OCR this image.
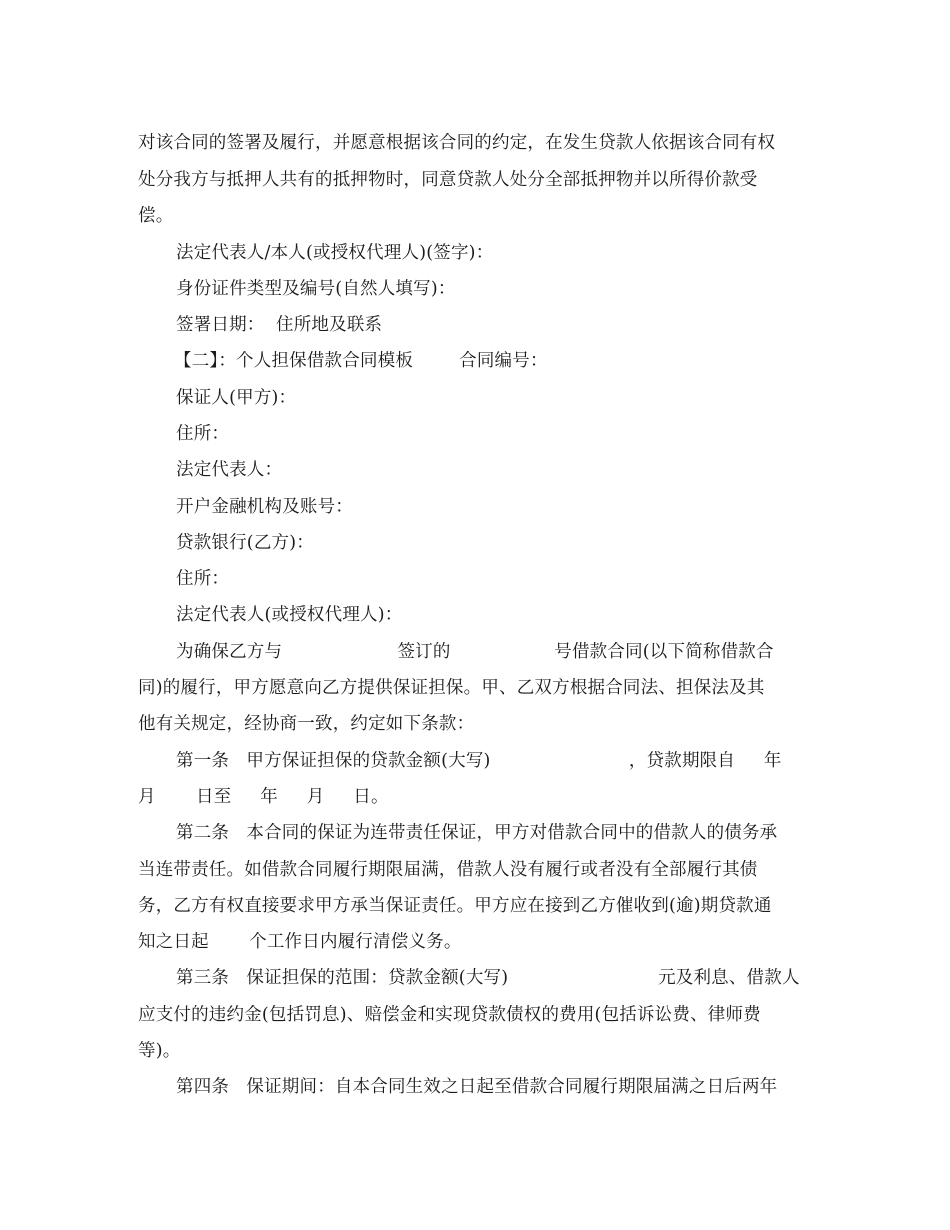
对该合同的签署及履行，并愿意根据该合同的约定，在发生贷款人依据该合同有权
处分我方与抵押人共有的抵押物时，同意贷款人处分全部抵押物并以所得价款受
偿。
法定代表人/本人(或授权代理人)(签字)：
身份证件类型及编号(自然人填写)：
签署日期：  住所地及联系
【二】：个人担保借款合同模板        合同编号：
保证人(甲方)：
住所：
法定代表人：
开户金融机构及账号：
贷款银行(乙方)：
住所：
法定代表人(或授权代理人)：
为确保乙方与                    签订的                  号借款合同(以下简称借款合
同)的履行，甲方愿意向乙方提供保证担保。甲、乙双方根据合同法、担保法及其
他有关规定，经协商一致，约定如下条款：
第一条   甲方保证担保的贷款金额(大写)                        ，贷款期限自     年
月       日至     年     月     日。
第二条   本合同的保证为连带责任保证，甲方对借款合同中的借款人的债务承
当连带责任。如借款合同履行期限届满，借款人没有履行或者没有全部履行其债
务，乙方有权直接要求甲方承当保证责任。甲方应在接到乙方催收到(逾)期贷款通
知之日起       个工作日内履行清偿义务。
第三条   保证担保的范围：贷款金额(大写)                          元及利息、借款人
应支付的违约金(包括罚息)、赔偿金和实现贷款债权的费用(包括诉讼费、律师费
等)。
第四条   保证期间：自本合同生效之日起至借款合同履行期限届满之日后两年
